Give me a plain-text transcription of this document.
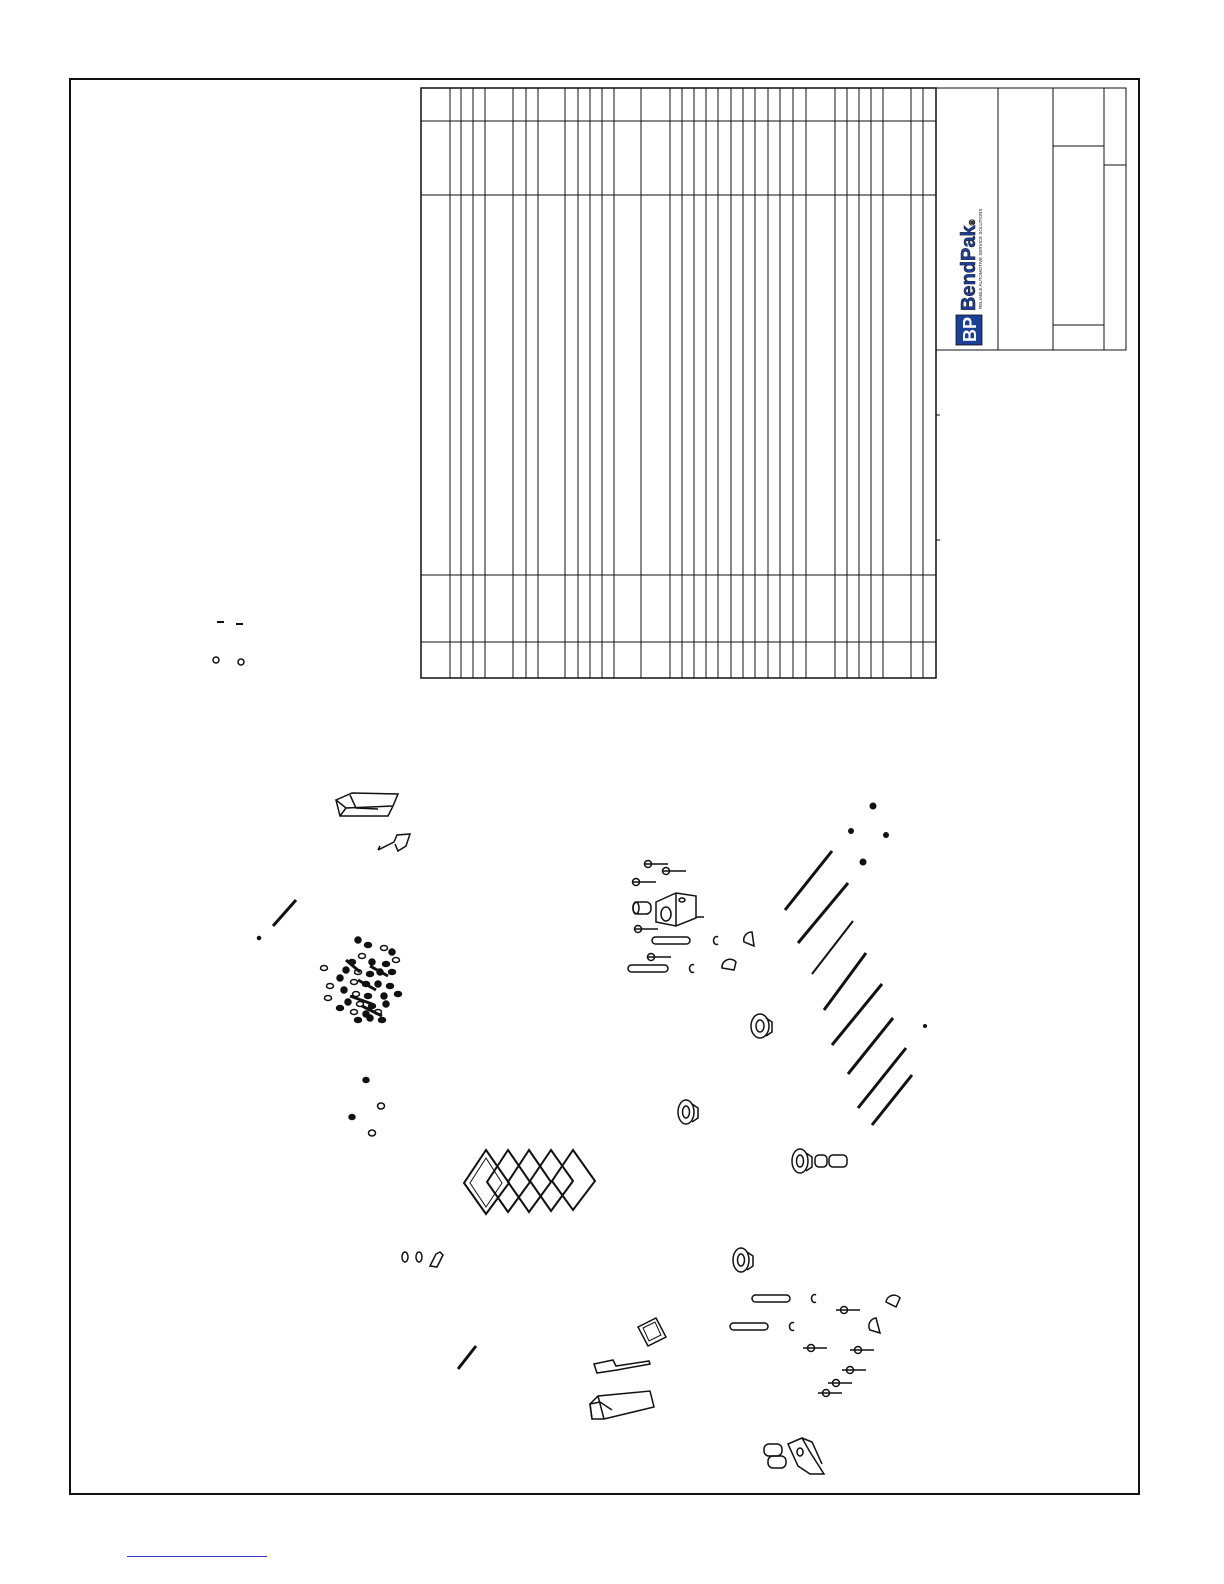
BP
BendPak® RELIABLE AUTOMOTIVE SERVICE SOLUTIONS
